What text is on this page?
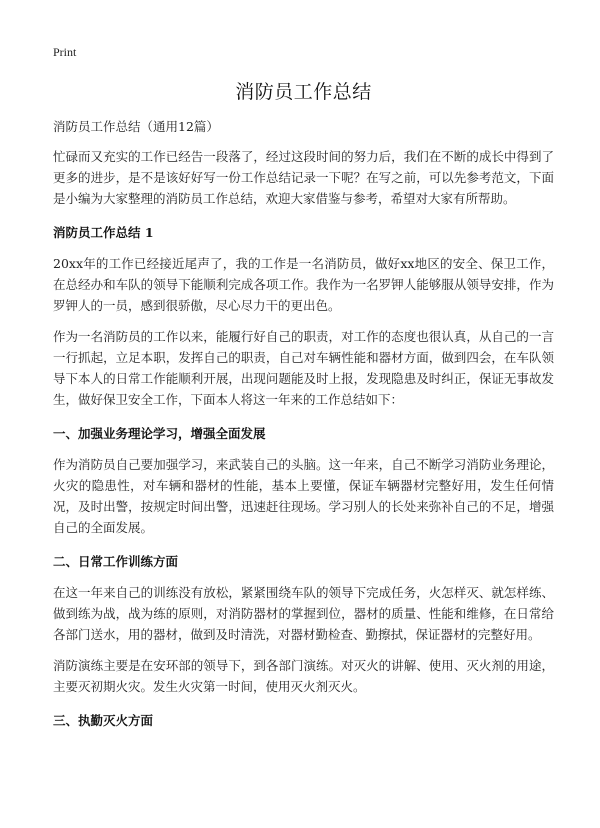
Print

消防员工作总结

消防员工作总结（通用12篇）

忙碌而又充实的工作已经告一段落了，经过这段时间的努力后，我们在不断的成长中得到了更多的进步，是不是该好好写一份工作总结记录一下呢？在写之前，可以先参考范文，下面是小编为大家整理的消防员工作总结，欢迎大家借鉴与参考，希望对大家有所帮助。

消防员工作总结 1

20xx年的工作已经接近尾声了，我的工作是一名消防员，做好xx地区的安全、保卫工作，在总经办和车队的领导下能顺利完成各项工作。我作为一名罗钾人能够服从领导安排，作为罗钾人的一员，感到很骄傲，尽心尽力干的更出色。

作为一名消防员的工作以来，能履行好自己的职责，对工作的态度也很认真，从自己的一言一行抓起，立足本职，发挥自己的职责，自己对车辆性能和器材方面，做到四会，在车队领导下本人的日常工作能顺利开展，出现问题能及时上报，发现隐患及时纠正，保证无事故发生，做好保卫安全工作，下面本人将这一年来的工作总结如下：

一、加强业务理论学习，增强全面发展

作为消防员自己要加强学习，来武装自己的头脑。这一年来，自己不断学习消防业务理论，火灾的隐患性，对车辆和器材的性能，基本上要懂，保证车辆器材完整好用，发生任何情况，及时出警，按规定时间出警，迅速赶往现场。学习别人的长处来弥补自己的不足，增强自己的全面发展。

二、日常工作训练方面

在这一年来自己的训练没有放松，紧紧围绕车队的领导下完成任务，火怎样灭、就怎样练、做到练为战，战为练的原则，对消防器材的掌握到位，器材的质量、性能和维修，在日常给各部门送水，用的器材，做到及时清洗，对器材勤检查、勤擦拭，保证器材的完整好用。

消防演练主要是在安环部的领导下，到各部门演练。对灭火的讲解、使用、灭火剂的用途，主要灭初期火灾。发生火灾第一时间，使用灭火剂灭火。

三、执勤灭火方面
